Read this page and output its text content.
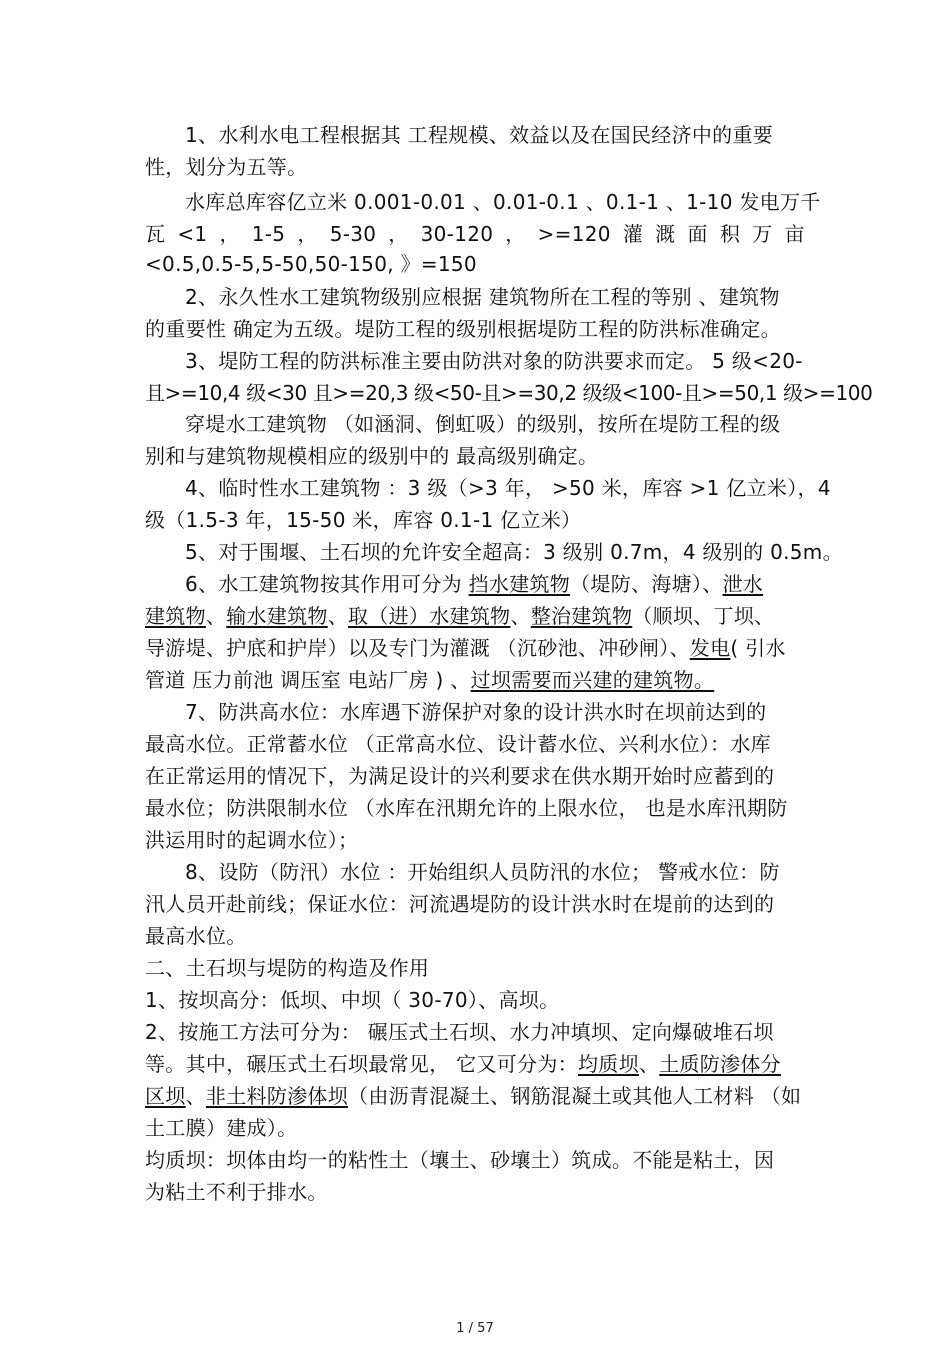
1、水利水电工程根据其 工程规模、效益以及在国民经济中的重要
性，划分为五等。
水库总库容亿立米 0.001-0.01 、0.01-0.1 、0.1-1 、1-10 发电万千
瓦 <1 ， 1-5 ， 5-30 ， 30-120 ， >=120 灌 溉 面 积 万 亩
<0.5,0.5-5,5-50,50-150, 》=150
2、永久性水工建筑物级别应根据 建筑物所在工程的等别 、建筑物
的重要性 确定为五级。堤防工程的级别根据堤防工程的防洪标准确定。
3、堤防工程的防洪标准主要由防洪对象的防洪要求而定。 5 级<20-
且>=10,4 级<30 且>=20,3 级<50-且>=30,2 级级<100-且>=50,1 级>=100
穿堤水工建筑物 （如涵洞、倒虹吸）的级别，按所在堤防工程的级
别和与建筑物规模相应的级别中的 最高级别确定。
4、临时性水工建筑物 ：3 级（>3 年， >50 米，库容 >1 亿立米），4
级（1.5-3 年，15-50 米，库容 0.1-1 亿立米）
5、对于围堰、土石坝的允许安全超高：3 级别 0.7m，4 级别的 0.5m。
6、水工建筑物按其作用可分为 挡水建筑物（堤防、海塘）、泄水
建筑物、输水建筑物、取（进）水建筑物、整治建筑物（顺坝、丁坝、
导游堤、护底和护岸）以及专门为灌溉 （沉砂池、冲砂闸）、发电( 引水
管道 压力前池 调压室 电站厂房 ) 、过坝需要而兴建的建筑物。
7、防洪高水位：水库遇下游保护对象的设计洪水时在坝前达到的
最高水位。正常蓄水位 （正常高水位、设计蓄水位、兴利水位）：水库
在正常运用的情况下，为满足设计的兴利要求在供水期开始时应蓄到的
最水位；防洪限制水位 （水库在汛期允许的上限水位， 也是水库汛期防
洪运用时的起调水位）；
8、设防（防汛）水位 ：开始组织人员防汛的水位； 警戒水位：防
汛人员开赴前线；保证水位：河流遇堤防的设计洪水时在堤前的达到的
最高水位。
二、土石坝与堤防的构造及作用
1、按坝高分：低坝、中坝（ 30-70）、高坝。
2、按施工方法可分为： 碾压式土石坝、水力冲填坝、定向爆破堆石坝
等。其中，碾压式土石坝最常见， 它又可分为：均质坝、土质防渗体分
区坝、非土料防渗体坝（由沥青混凝土、钢筋混凝土或其他人工材料 （如
土工膜）建成）。
均质坝：坝体由均一的粘性土（壤土、砂壤土）筑成。不能是粘土，因
为粘土不利于排水。
1 / 57
